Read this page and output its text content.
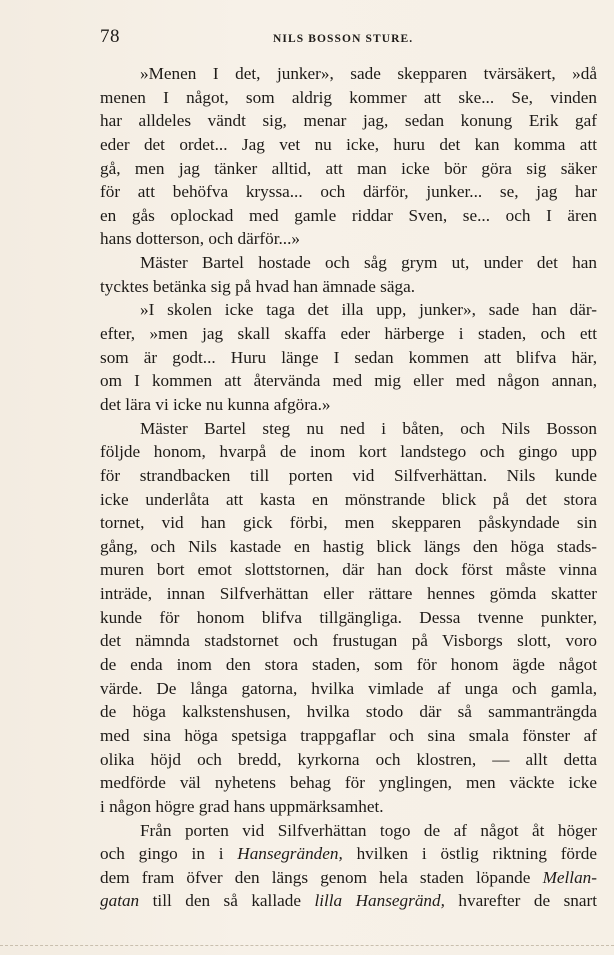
78	NILS BOSSON STURE.
»Menen I det, junker», sade skepparen tvärsäkert, »då
menen I något, som aldrig kommer att ske... Se, vinden
har alldeles vändt sig, menar jag, sedan konung Erik gaf
eder det ordet... Jag vet nu icke, huru det kan komma att
gå, men jag tänker alltid, att man icke bör göra sig säker
för att behöfva kryssa... och därför, junker... se, jag har
en gås oplockad med gamle riddar Sven, se... och I ären
hans dotterson, och därför...»
Mäster Bartel hostade och såg grym ut, under det han
tycktes betänka sig på hvad han ämnade säga.
»I skolen icke taga det illa upp, junker», sade han där-
efter, »men jag skall skaffa eder härberge i staden, och ett
som är godt... Huru länge I sedan kommen att blifva här,
om I kommen att återvända med mig eller med någon annan,
det lära vi icke nu kunna afgöra.»
Mäster Bartel steg nu ned i båten, och Nils Bosson
följde honom, hvarpå de inom kort landstego och gingo upp
för strandbacken till porten vid Silfverhättan. Nils kunde
icke underlåta att kasta en mönstrande blick på det stora
tornet, vid han gick förbi, men skepparen påskyndade sin
gång, och Nils kastade en hastig blick längs den höga stads-
muren bort emot slottstornen, där han dock först måste vinna
inträde, innan Silfverhättan eller rättare hennes gömda skatter
kunde för honom blifva tillgängliga. Dessa tvenne punkter,
det nämnda stadstornet och frustugan på Visborgs slott, voro
de enda inom den stora staden, som för honom ägde något
värde. De långa gatorna, hvilka vimlade af unga och gamla,
de höga kalkstenshusen, hvilka stodo där så sammanträngda
med sina höga spetsiga trappgaflar och sina smala fönster af
olika höjd och bredd, kyrkorna och klostren, — allt detta
medförde väl nyhetens behag för ynglingen, men väckte icke
i någon högre grad hans uppmärksamhet.
Från porten vid Silfverhättan togo de af något åt höger
och gingo in i Hansegränden, hvilken i östlig riktning förde
dem fram öfver den längs genom hela staden löpande Mellan-
gatan till den så kallade lilla Hansegränd, hvarefter de snart
